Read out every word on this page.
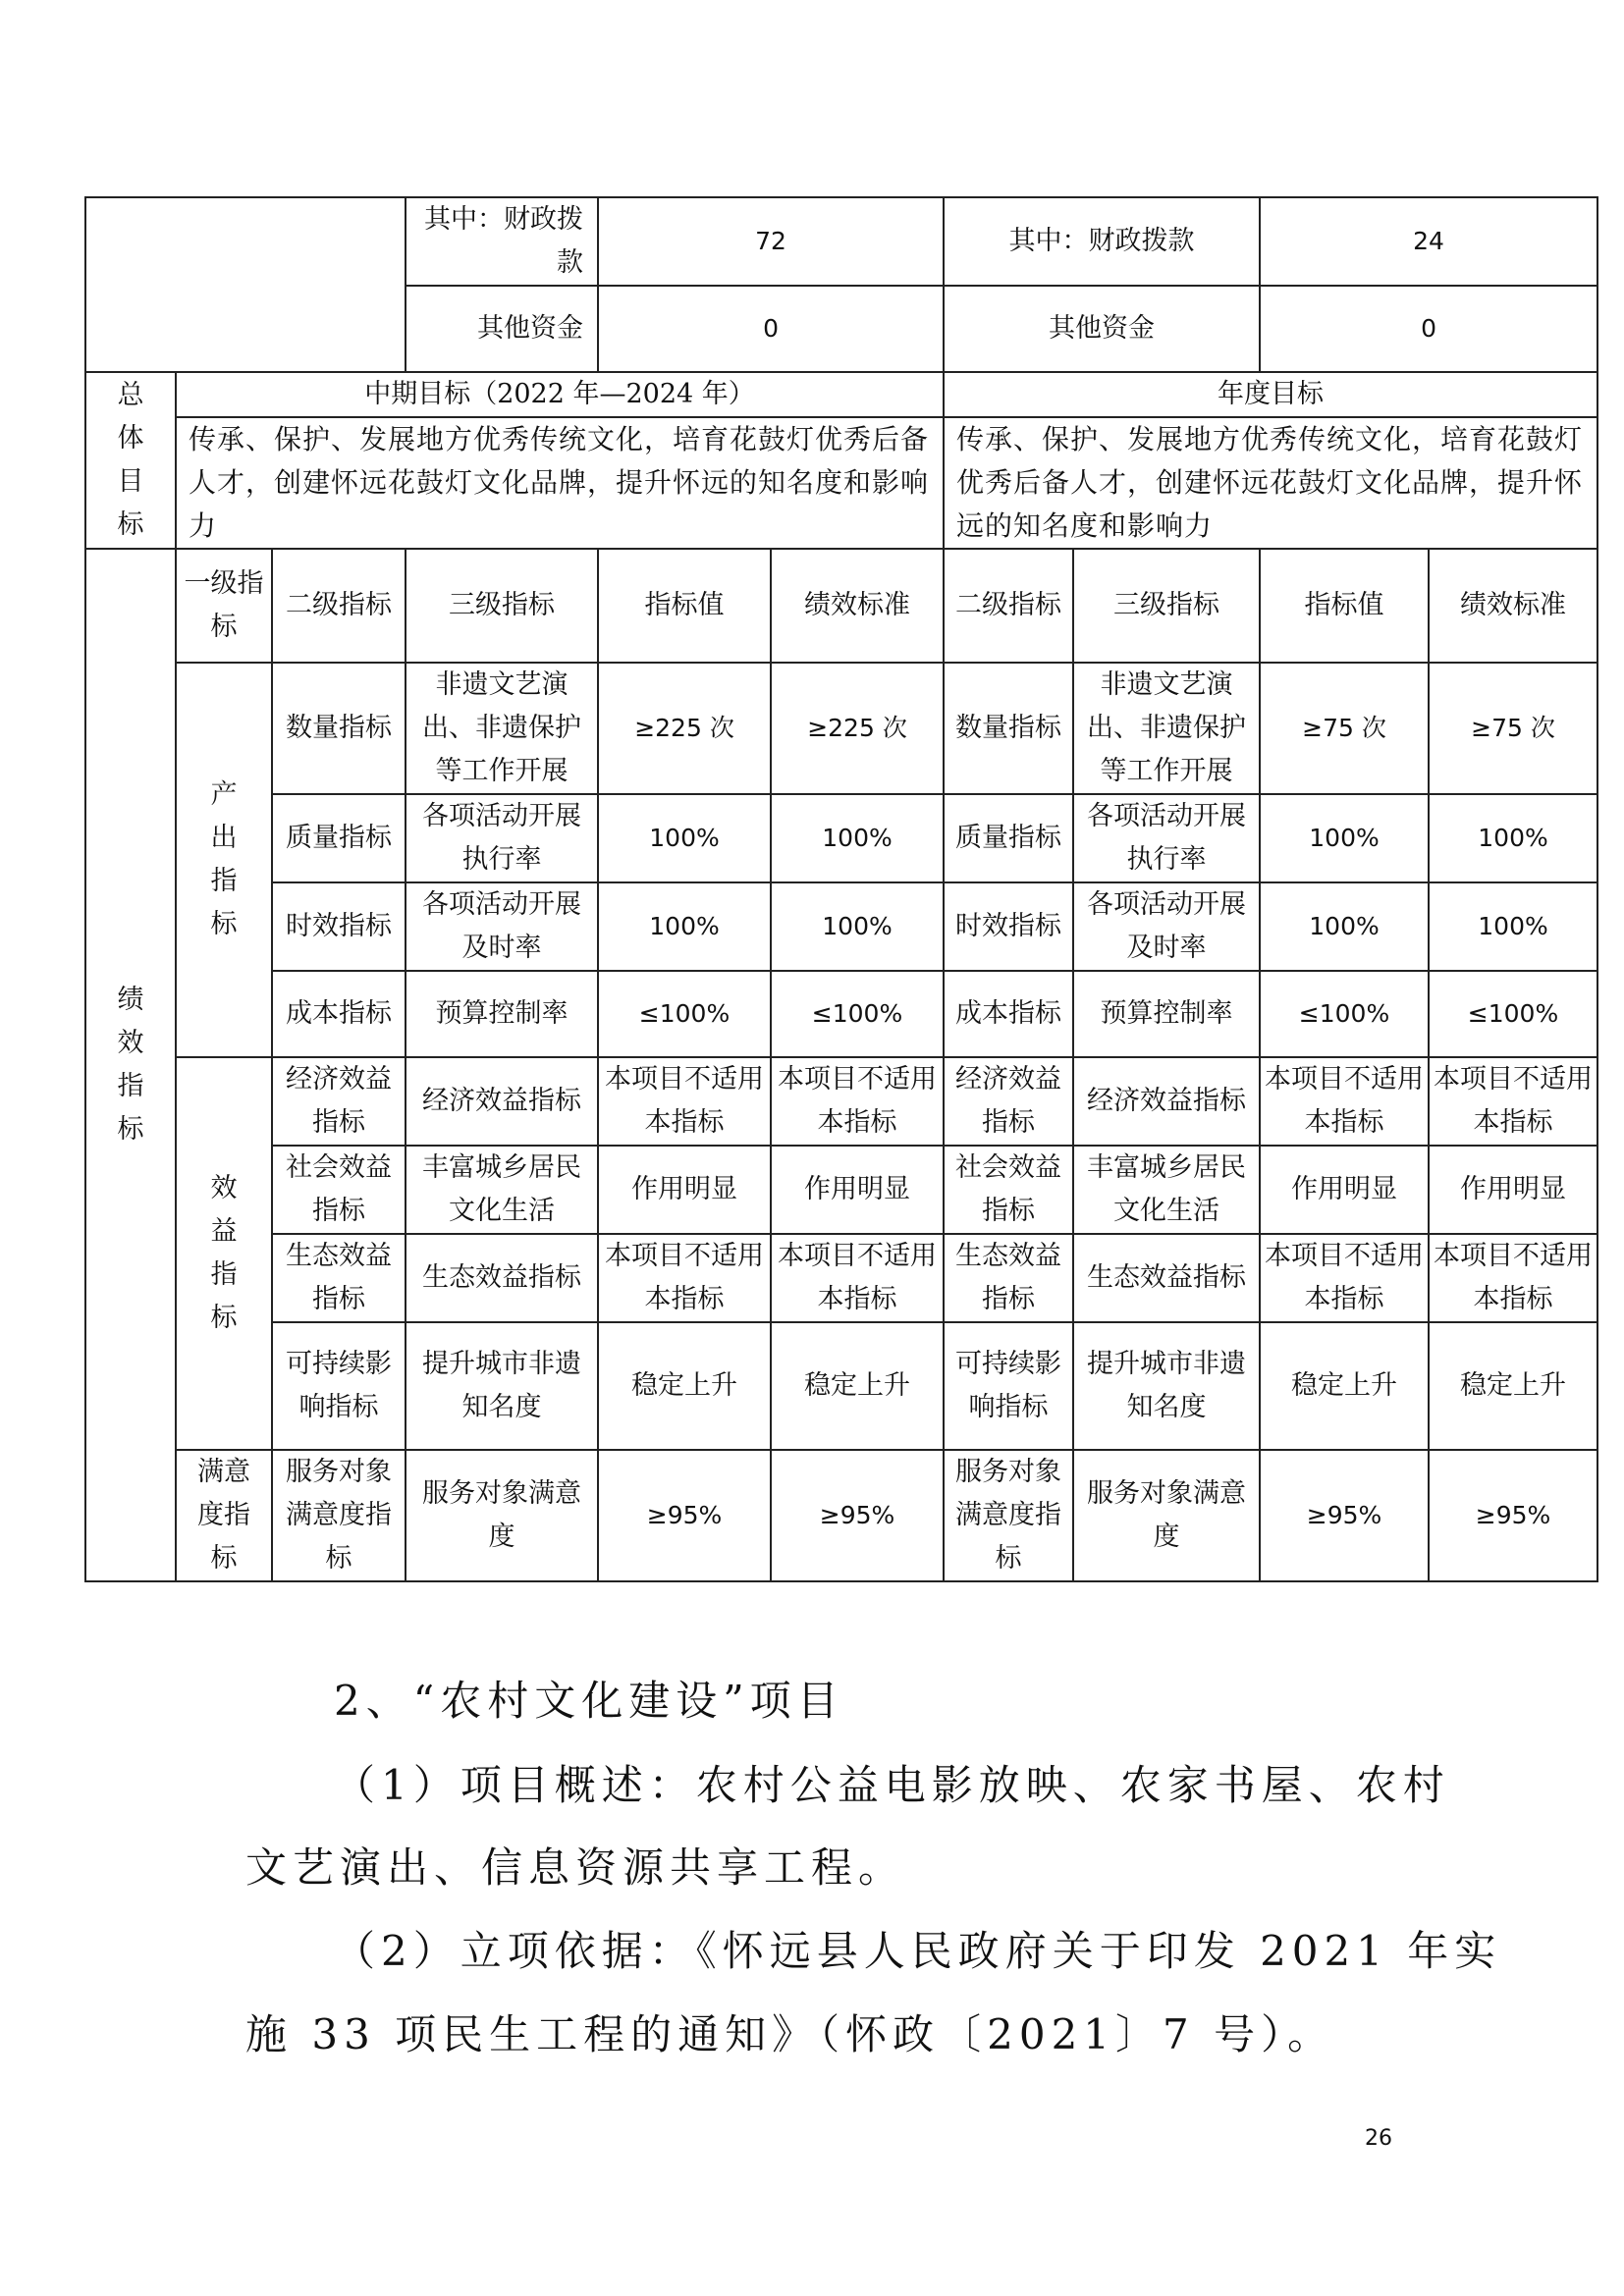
			其中：财政拨款	72		其中：财政拨款		24	
			其他资金	0		其他资金		0	
总体目标	中期目标（2022 年—2024 年）					年度目标			
	传承、保护、发展地方优秀传统文化，培育花鼓灯优秀后备人才，创建怀远花鼓灯文化品牌，提升怀远的知名度和影响力					传承、保护、发展地方优秀传统文化，培育花鼓灯优秀后备人才，创建怀远花鼓灯文化品牌，提升怀远的知名度和影响力			
绩效指标	一级指标	二级指标	三级指标	指标值	绩效标准	二级指标	三级指标	指标值	绩效标准
	产出指标	数量指标	非遗文艺演出、非遗保护等工作开展	≥225 次	≥225 次	数量指标	非遗文艺演出、非遗保护等工作开展	≥75 次	≥75 次
		质量指标	各项活动开展执行率	100%	100%	质量指标	各项活动开展执行率	100%	100%
		时效指标	各项活动开展及时率	100%	100%	时效指标	各项活动开展及时率	100%	100%
		成本指标	预算控制率	≤100%	≤100%	成本指标	预算控制率	≤100%	≤100%
	效益指标	经济效益指标	经济效益指标	本项目不适用本指标	本项目不适用本指标	经济效益指标	经济效益指标	本项目不适用本指标	本项目不适用本指标
		社会效益指标	丰富城乡居民文化生活	作用明显	作用明显	社会效益指标	丰富城乡居民文化生活	作用明显	作用明显
		生态效益指标	生态效益指标	本项目不适用本指标	本项目不适用本指标	生态效益指标	生态效益指标	本项目不适用本指标	本项目不适用本指标
		可持续影响指标	提升城市非遗知名度	稳定上升	稳定上升	可持续影响指标	提升城市非遗知名度	稳定上升	稳定上升
	满意度指标	服务对象满意度指标	服务对象满意度	≥95%	≥95%	服务对象满意度指标	服务对象满意度	≥95%	≥95%
2、“农村文化建设”项目
（1）项目概述：农村公益电影放映、农家书屋、农村
文艺演出、信息资源共享工程。
（2）立项依据：《怀远县人民政府关于印发 2021 年实
施 33 项民生工程的通知》（怀政〔2021〕7 号）。
26
